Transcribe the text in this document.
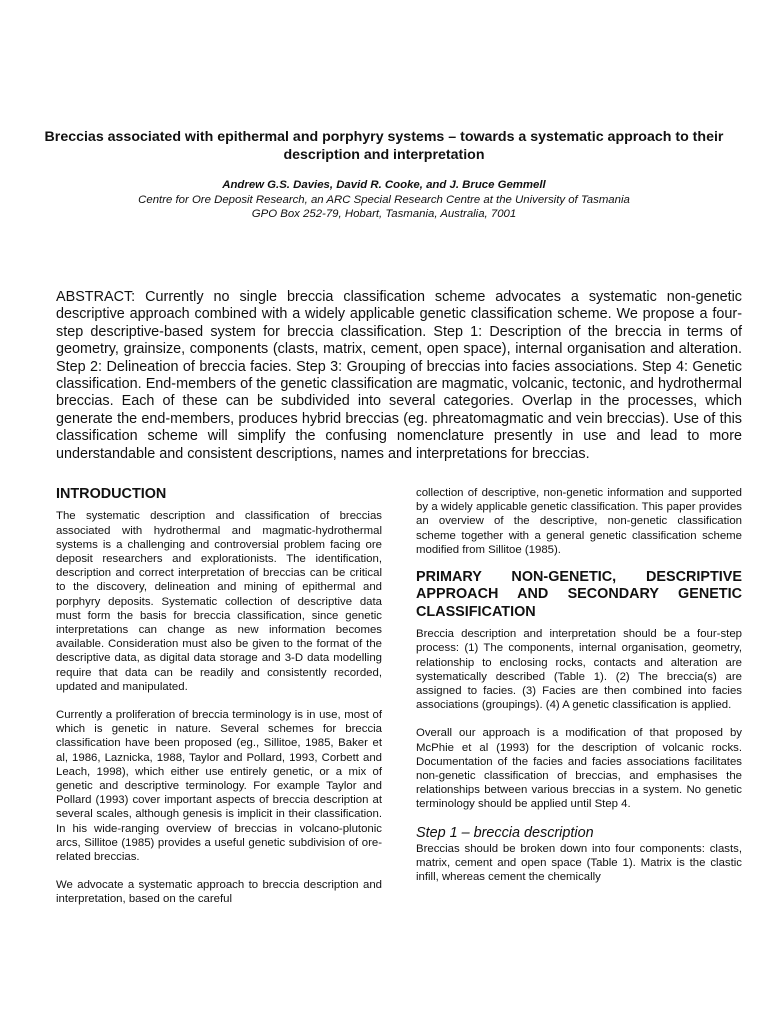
Breccias associated with epithermal and porphyry systems – towards a systematic approach to their description and interpretation
Andrew G.S. Davies, David R. Cooke, and J. Bruce Gemmell
Centre for Ore Deposit Research, an ARC Special Research Centre at the University of Tasmania
GPO Box 252-79, Hobart, Tasmania, Australia, 7001
ABSTRACT: Currently no single breccia classification scheme advocates a systematic non-genetic descriptive approach combined with a widely applicable genetic classification scheme. We propose a four-step descriptive-based system for breccia classification. Step 1: Description of the breccia in terms of geometry, grainsize, components (clasts, matrix, cement, open space), internal organisation and alteration. Step 2: Delineation of breccia facies. Step 3: Grouping of breccias into facies associations. Step 4: Genetic classification. End-members of the genetic classification are magmatic, volcanic, tectonic, and hydrothermal breccias. Each of these can be subdivided into several categories. Overlap in the processes, which generate the end-members, produces hybrid breccias (eg. phreatomagmatic and vein breccias). Use of this classification scheme will simplify the confusing nomenclature presently in use and lead to more understandable and consistent descriptions, names and interpretations for breccias.
INTRODUCTION

The systematic description and classification of breccias associated with hydrothermal and magmatic-hydrothermal systems is a challenging and controversial problem facing ore deposit researchers and explorationists. The identification, description and correct interpretation of breccias can be critical to the discovery, delineation and mining of epithermal and porphyry deposits. Systematic collection of descriptive data must form the basis for breccia classification, since genetic interpretations can change as new information becomes available. Consideration must also be given to the format of the descriptive data, as digital data storage and 3-D data modelling require that data can be readily and consistently recorded, updated and manipulated.

Currently a proliferation of breccia terminology is in use, most of which is genetic in nature. Several schemes for breccia classification have been proposed (eg., Sillitoe, 1985, Baker et al, 1986, Laznicka, 1988, Taylor and Pollard, 1993, Corbett and Leach, 1998), which either use entirely genetic, or a mix of genetic and descriptive terminology. For example Taylor and Pollard (1993) cover important aspects of breccia description at several scales, although genesis is implicit in their classification. In his wide-ranging overview of breccias in volcano-plutonic arcs, Sillitoe (1985) provides a useful genetic subdivision of ore-related breccias.

We advocate a systematic approach to breccia description and interpretation, based on the careful

collection of descriptive, non-genetic information and supported by a widely applicable genetic classification. This paper provides an overview of the descriptive, non-genetic classification scheme together with a general genetic classification scheme modified from Sillitoe (1985).

PRIMARY NON-GENETIC, DESCRIPTIVE APPROACH AND SECONDARY GENETIC CLASSIFICATION

Breccia description and interpretation should be a four-step process: (1) The components, internal organisation, geometry, relationship to enclosing rocks, contacts and alteration are systematically described (Table 1). (2) The breccia(s) are assigned to facies. (3) Facies are then combined into facies associations (groupings). (4) A genetic classification is applied.

Overall our approach is a modification of that proposed by McPhie et al (1993) for the description of volcanic rocks. Documentation of the facies and facies associations facilitates non-genetic classification of breccias, and emphasises the relationships between various breccias in a system. No genetic terminology should be applied until Step 4.

Step 1 – breccia description

Breccias should be broken down into four components: clasts, matrix, cement and open space (Table 1). Matrix is the clastic infill, whereas cement the chemically
